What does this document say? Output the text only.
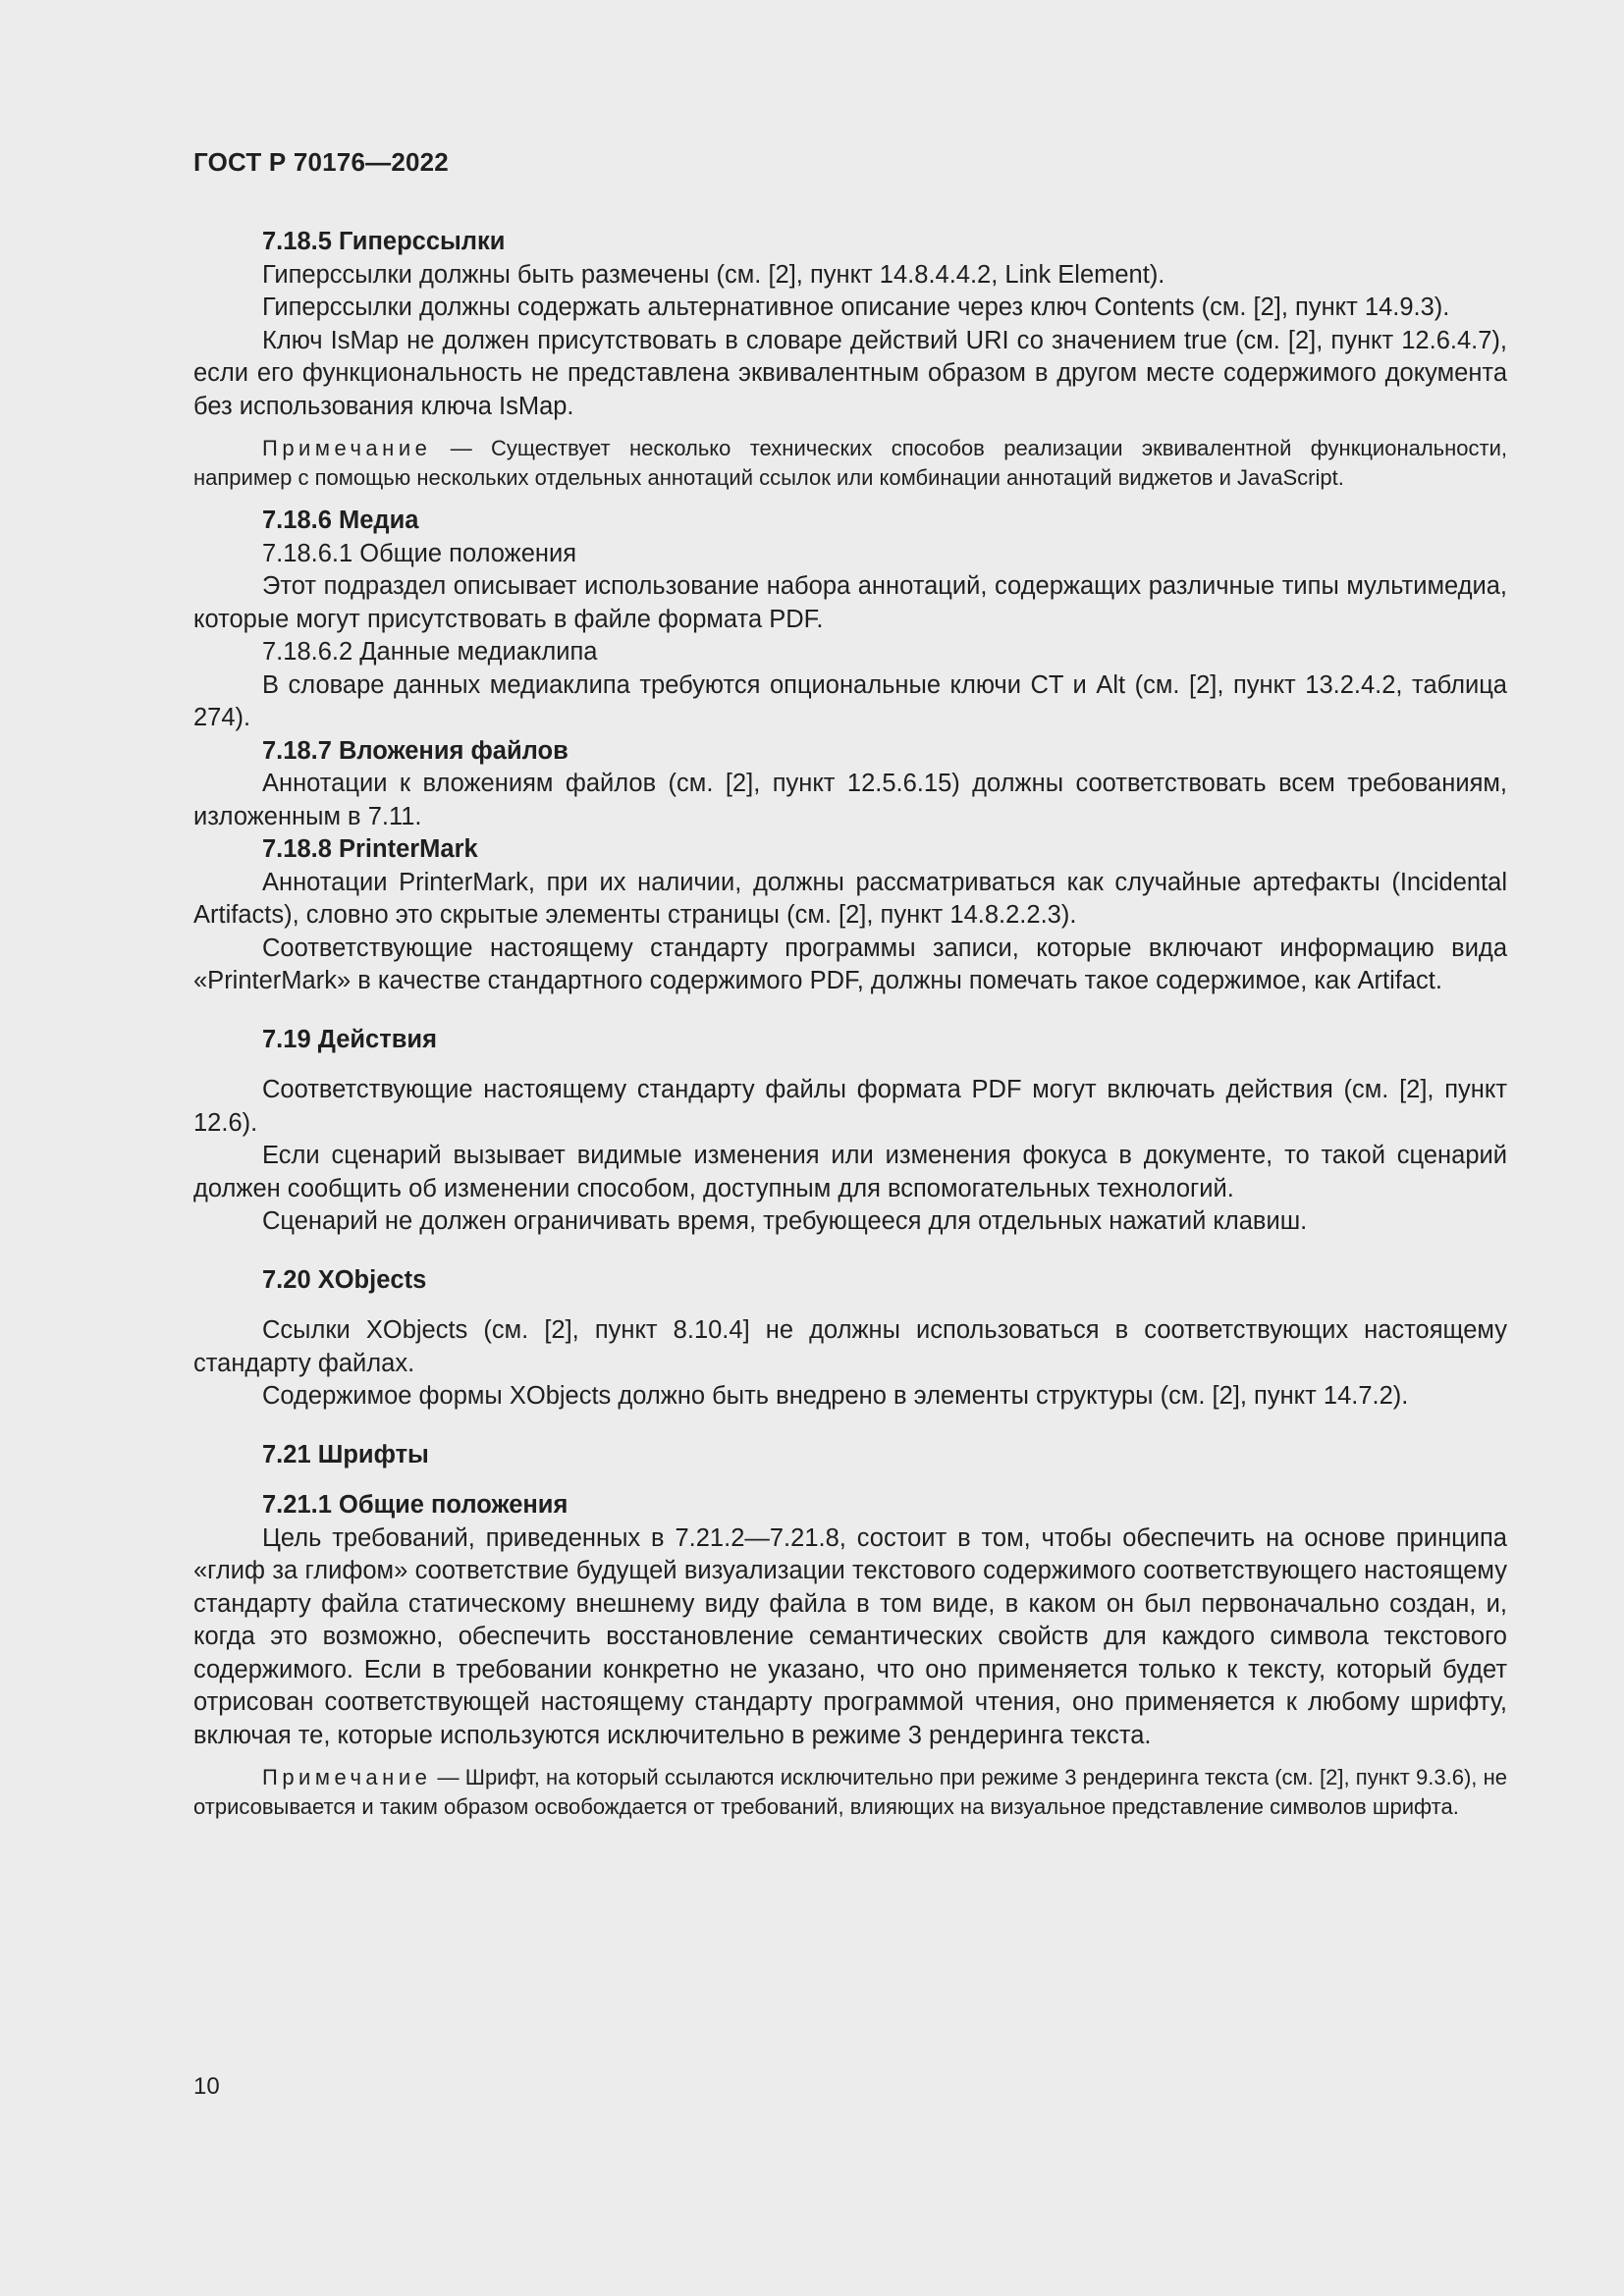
ГОСТ Р 70176—2022

7.18.5 Гиперссылки

Гиперссылки должны быть размечены (см. [2], пункт 14.8.4.4.2, Link Element).

Гиперссылки должны содержать альтернативное описание через ключ Contents (см. [2], пункт 14.9.3).

Ключ IsMap не должен присутствовать в словаре действий URI со значением true (см. [2], пункт 12.6.4.7), если его функциональность не представлена эквивалентным образом в другом месте содержимого документа без использования ключа IsMap.

Примечание — Существует несколько технических способов реализации эквивалентной функциональности, например с помощью нескольких отдельных аннотаций ссылок или комбинации аннотаций виджетов и JavaScript.

7.18.6 Медиа

7.18.6.1 Общие положения

Этот подраздел описывает использование набора аннотаций, содержащих различные типы мультимедиа, которые могут присутствовать в файле формата PDF.

7.18.6.2 Данные медиаклипа

В словаре данных медиаклипа требуются опциональные ключи CT и Alt (см. [2], пункт 13.2.4.2, таблица 274).

7.18.7 Вложения файлов

Аннотации к вложениям файлов (см. [2], пункт 12.5.6.15) должны соответствовать всем требованиям, изложенным в 7.11.

7.18.8 PrinterMark

Аннотации PrinterMark, при их наличии, должны рассматриваться как случайные артефакты (Incidental Artifacts), словно это скрытые элементы страницы (см. [2], пункт 14.8.2.2.3).

Соответствующие настоящему стандарту программы записи, которые включают информацию вида «PrinterMark» в качестве стандартного содержимого PDF, должны помечать такое содержимое, как Artifact.

7.19 Действия

Соответствующие настоящему стандарту файлы формата PDF могут включать действия (см. [2], пункт 12.6).

Если сценарий вызывает видимые изменения или изменения фокуса в документе, то такой сценарий должен сообщить об изменении способом, доступным для вспомогательных технологий.

Сценарий не должен ограничивать время, требующееся для отдельных нажатий клавиш.

7.20 XObjects

Ссылки XObjects (см. [2], пункт 8.10.4] не должны использоваться в соответствующих настоящему стандарту файлах.

Содержимое формы XObjects должно быть внедрено в элементы структуры (см. [2], пункт 14.7.2).

7.21 Шрифты

7.21.1 Общие положения

Цель требований, приведенных в 7.21.2—7.21.8, состоит в том, чтобы обеспечить на основе принципа «глиф за глифом» соответствие будущей визуализации текстового содержимого соответствующего настоящему стандарту файла статическому внешнему виду файла в том виде, в каком он был первоначально создан, и, когда это возможно, обеспечить восстановление семантических свойств для каждого символа текстового содержимого. Если в требовании конкретно не указано, что оно применяется только к тексту, который будет отрисован соответствующей настоящему стандарту программой чтения, оно применяется к любому шрифту, включая те, которые используются исключительно в режиме 3 рендеринга текста.

Примечание — Шрифт, на который ссылаются исключительно при режиме 3 рендеринга текста (см. [2], пункт 9.3.6), не отрисовывается и таким образом освобождается от требований, влияющих на визуальное представление символов шрифта.

10
